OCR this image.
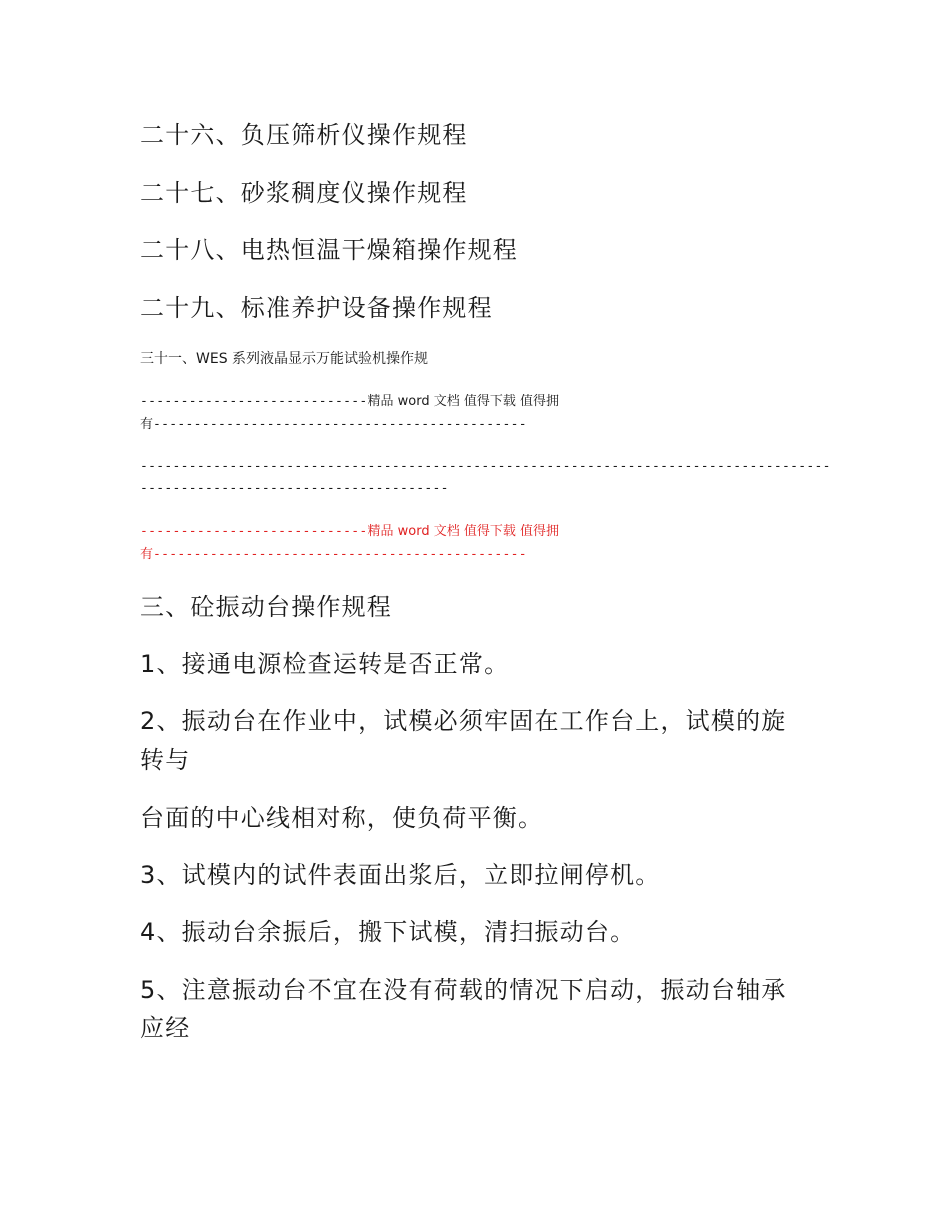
二十六、负压筛析仪操作规程
二十七、砂浆稠度仪操作规程
二十八、电热恒温干燥箱操作规程
二十九、标准养护设备操作规程
三十一、WES 系列液晶显示万能试验机操作规
----------------------------精品 word 文档 值得下载 值得拥
有----------------------------------------------
-------------------------------------------------------------------------------------
--------------------------------------
----------------------------精品 word 文档 值得下载 值得拥
有----------------------------------------------
三、砼振动台操作规程
1、接通电源检查运转是否正常。
2、振动台在作业中，试模必须牢固在工作台上，试模的旋
转与
台面的中心线相对称，使负荷平衡。
3、试模内的试件表面出浆后，立即拉闸停机。
4、振动台余振后，搬下试模，清扫振动台。
5、注意振动台不宜在没有荷载的情况下启动，振动台轴承
应经
